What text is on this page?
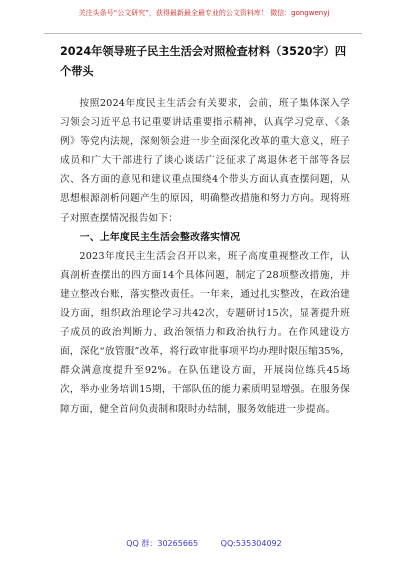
关注头条号“公文研究”，获得最新最全最专业的公文资料库！ 微信：gongwenyj
2024年领导班子民主生活会对照检查材料（3520字）四个带头

按照2024年度民主生活会有关要求，会前，班子集体深入学习领会习近平总书记重要讲话重要指示精神，认真学习党章、《条例》等党内法规，深刻领会进一步全面深化改革的重大意义，班子成员和广大干部进行了谈心谈话广泛征求了离退休老干部等各层次、各方面的意见和建议重点围绕4个带头方面认真查摆问题，从思想根源剖析问题产生的原因，明确整改措施和努力方向。现将班子对照查摆情况报告如下：

一、上年度民主生活会整改落实情况

2023年度民主生活会召开以来，班子高度重视整改工作，认真剖析查摆出的四方面14个具体问题，制定了28项整改措施，并建立整改台账，落实整改责任。一年来，通过扎实整改，在政治建设方面，组织政治理论学习共42次，专题研讨15次，显著提升班子成员的政治判断力、政治领悟力和政治执行力。在作风建设方面，深化“放管服”改革，将行政审批事项平均办理时限压缩35%，群众满意度提升至92%。在队伍建设方面，开展岗位练兵45场次，举办业务培训15期，干部队伍的能力素质明显增强。在服务保障方面，健全首问负责制和限时办结制，服务效能进一步提高。

QQ 群：30265665	QQ:535304092
